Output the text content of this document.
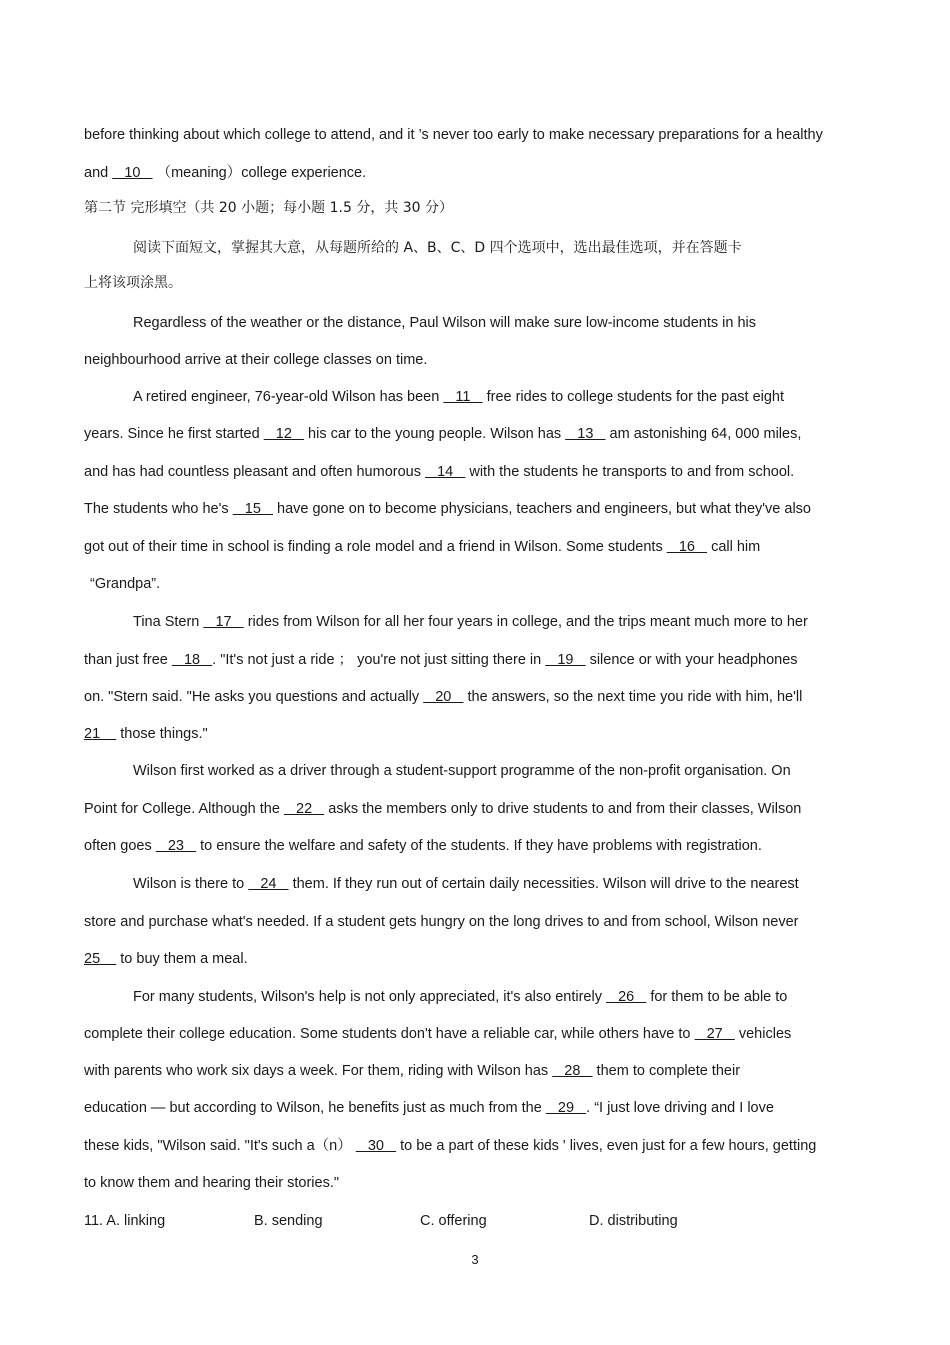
before thinking about which college to attend, and it ’s never too early to make necessary preparations for a healthy
and    10    （meaning）college experience.
第二节 完形填空（共 20 小题；每小题 1.5 分，共 30 分）
阅读下面短文，掌握其大意，从每题所给的 A、B、C、D 四个选项中，选出最佳选项，并在答题卡
上将该项涂黑。
Regardless of the weather or the distance, Paul Wilson will make sure low-income students in his
neighbourhood arrive at their college classes on time.
A retired engineer, 76-year-old Wilson has been    11    free rides to college students for the past eight
years. Since he first started    12    his car to the young people. Wilson has    13    am astonishing 64, 000 miles,
and has had countless pleasant and often humorous    14    with the students he transports to and from school.
The students who he's    15    have gone on to become physicians, teachers and engineers, but what they've also
got out of their time in school is finding a role model and a friend in Wilson. Some students    16    call him
“Grandpa”.
Tina Stern    17    rides from Wilson for all her four years in college, and the trips meant much more to her
than just free    18   . "It's not just a ride ； you're not just sitting there in    19    silence or with your headphones
on. "Stern said. "He asks you questions and actually    20    the answers, so the next time you ride with him, he'll
21     those things."
Wilson first worked as a driver through a student-support programme of the non-profit organisation. On
Point for College. Although the    22    asks the members only to drive students to and from their classes, Wilson
often goes    23    to ensure the welfare and safety of the students. If they have problems with registration.
Wilson is there to    24    them. If they run out of certain daily necessities. Wilson will drive to the nearest
store and purchase what's needed. If a student gets hungry on the long drives to and from school, Wilson never
25     to buy them a meal.
For many students, Wilson's help is not only appreciated, it's also entirely    26    for them to be able to
complete their college education. Some students don't have a reliable car, while others have to    27    vehicles
with parents who work six days a week. For them, riding with Wilson has    28    them to complete their
education — but according to Wilson, he benefits just as much from the    29   . “I just love driving and I love
these kids, "Wilson said. "It's such a（n）    30    to be a part of these kids ' lives, even just for a few hours, getting
to know them and hearing their stories."
11. A. linking	B. sending	C. offering	D. distributing
3
